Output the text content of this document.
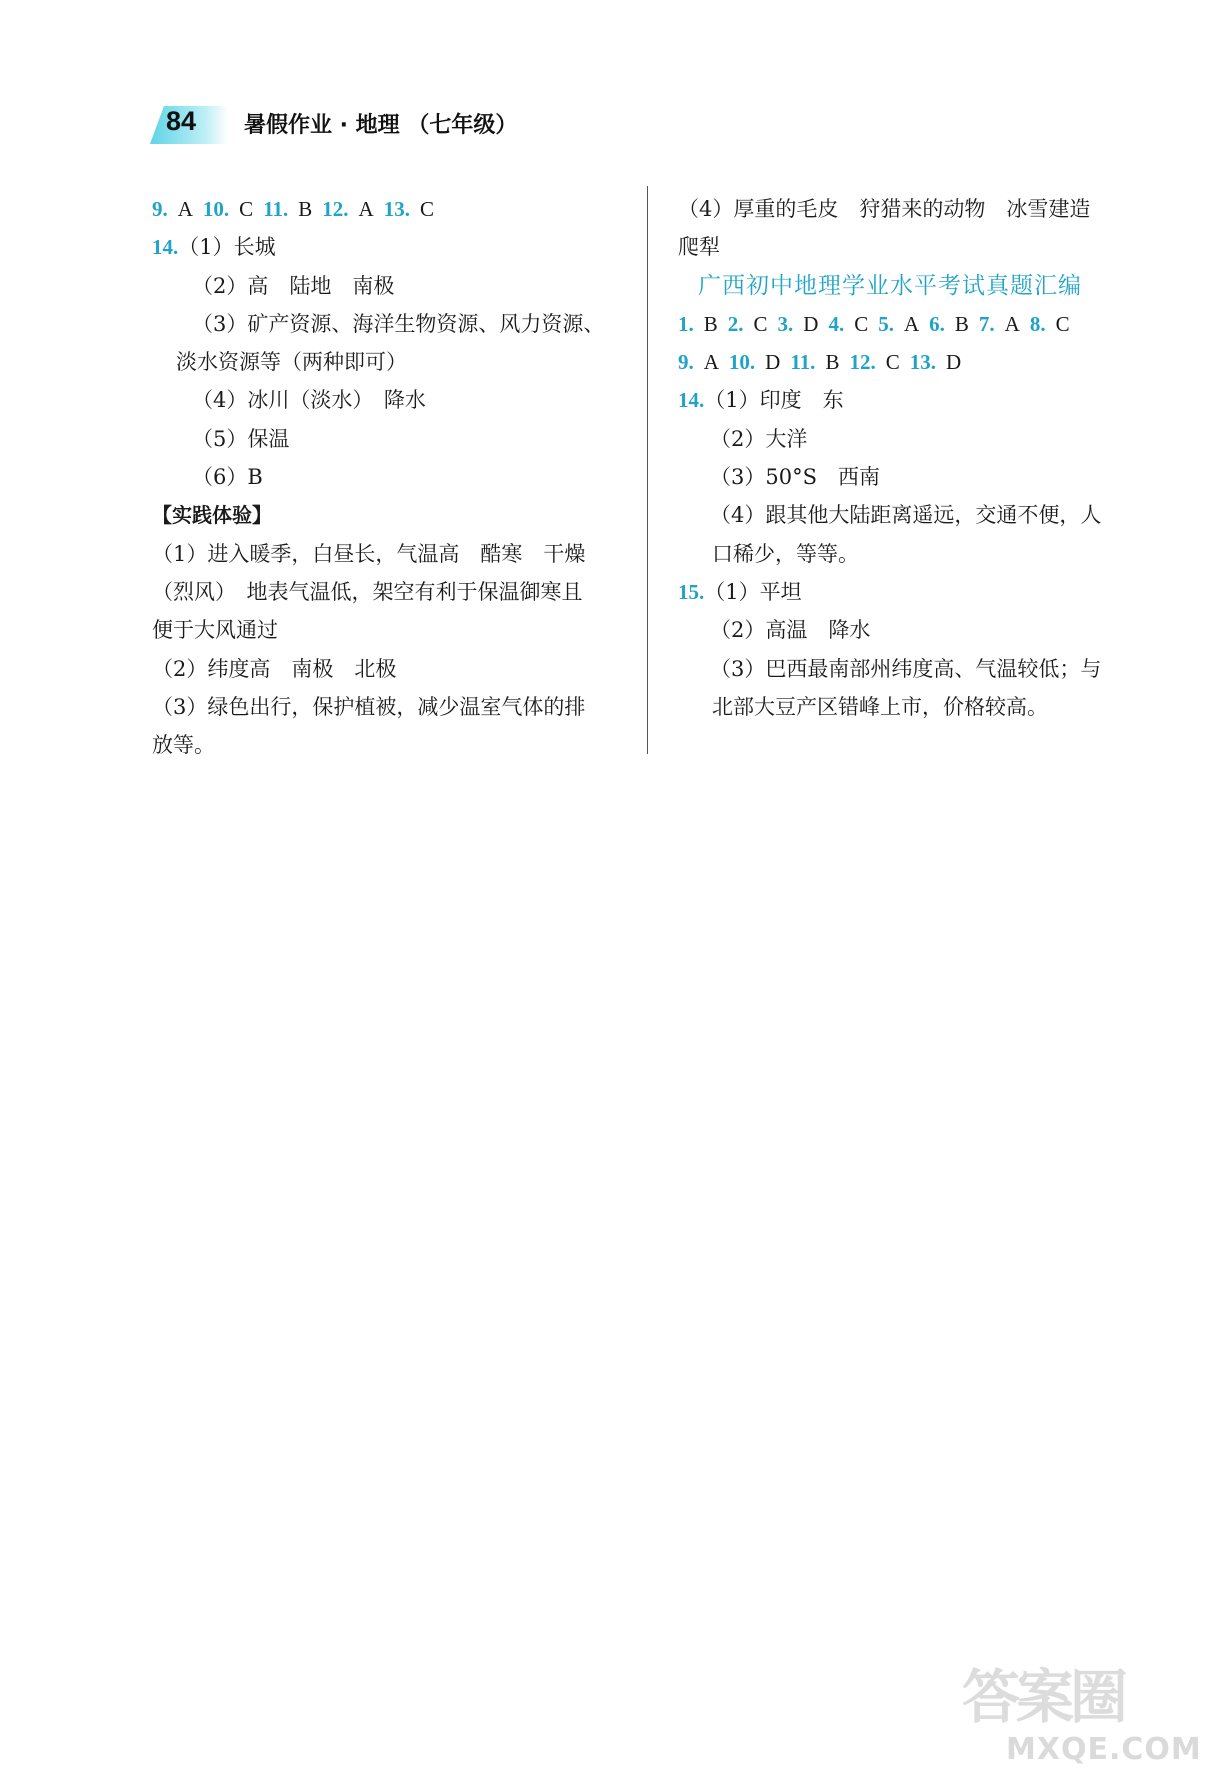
84 暑假作业 · 地理 （七年级）
9. A 10. C 11. B 12. A 13. C
14.（1）长城
（2）高　陆地　南极
（3）矿产资源、海洋生物资源、风力资源、
淡水资源等（两种即可）
（4）冰川（淡水）　降水
（5）保温
（6）B
【实践体验】
（1）进入暖季，白昼长，气温高　酷寒　干燥
（烈风）　地表气温低，架空有利于保温御寒且
便于大风通过
（2）纬度高　南极　北极
（3）绿色出行，保护植被，减少温室气体的排
放等。
（4）厚重的毛皮　狩猎来的动物　冰雪建造
爬犁
广西初中地理学业水平考试真题汇编
1. B 2. C 3. D 4. C 5. A 6. B 7. A 8. C
9. A 10. D 11. B 12. C 13. D
14.（1）印度　东
（2）大洋
（3）50°S　西南
（4）跟其他大陆距离遥远，交通不便，人
口稀少，等等。
15.（1）平坦
（2）高温　降水
（3）巴西最南部州纬度高、气温较低；与
北部大豆产区错峰上市，价格较高。
答案圈
MXQE.COM
